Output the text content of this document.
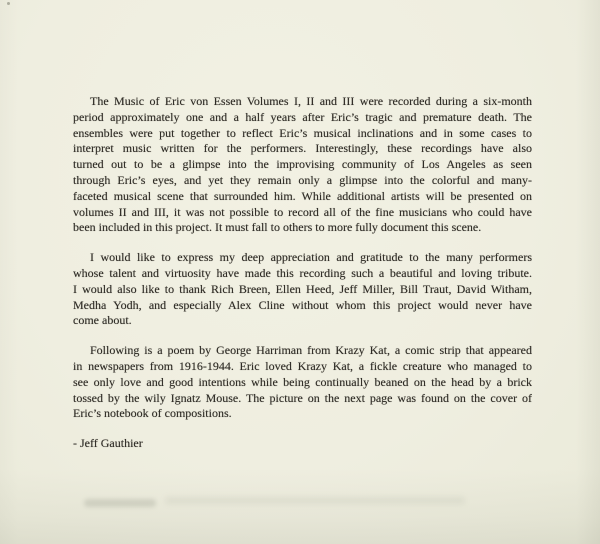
The Music of Eric von Essen Volumes I, II and III were recorded during a six-month
period approximately one and a half years after Eric’s tragic and premature death. The
ensembles were put together to reflect Eric’s musical inclinations and in some cases to
interpret music written for the performers. Interestingly, these recordings have also
turned out to be a glimpse into the improvising community of Los Angeles as seen
through Eric’s eyes, and yet they remain only a glimpse into the colorful and many-
faceted musical scene that surrounded him. While additional artists will be presented on
volumes II and III, it was not possible to record all of the fine musicians who could have
been included in this project. It must fall to others to more fully document this scene.
I would like to express my deep appreciation and gratitude to the many performers
whose talent and virtuosity have made this recording such a beautiful and loving tribute.
I would also like to thank Rich Breen, Ellen Heed, Jeff Miller, Bill Traut, David Witham,
Medha Yodh, and especially Alex Cline without whom this project would never have
come about.
Following is a poem by George Harriman from Krazy Kat, a comic strip that appeared
in newspapers from 1916-1944. Eric loved Krazy Kat, a fickle creature who managed to
see only love and good intentions while being continually beaned on the head by a brick
tossed by the wily Ignatz Mouse. The picture on the next page was found on the cover of
Eric’s notebook of compositions.
- Jeff Gauthier
